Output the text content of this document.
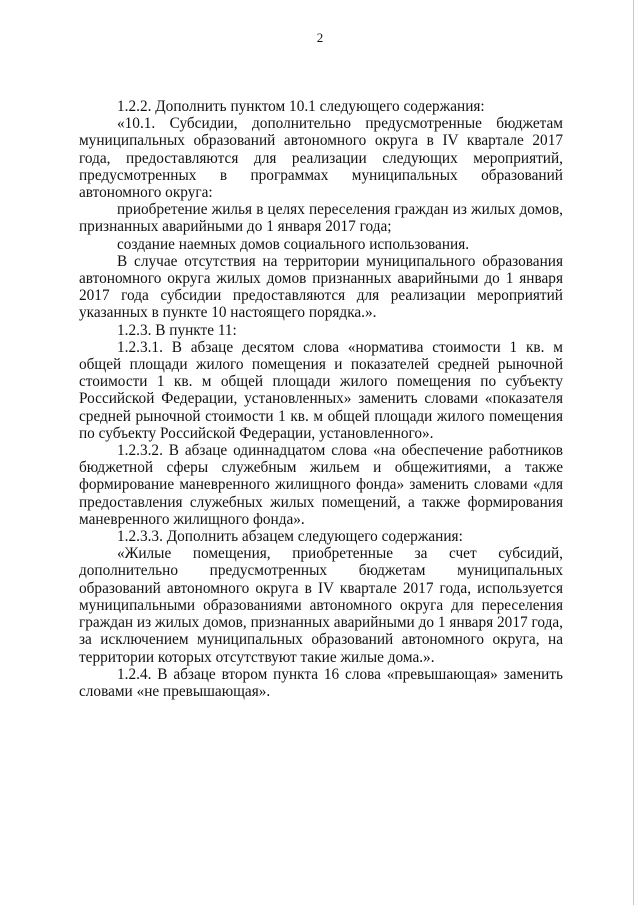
2

1.2.2. Дополнить пунктом 10.1 следующего содержания:

«10.1. Субсидии, дополнительно предусмотренные бюджетам муниципальных образований автономного округа в IV квартале 2017 года, предоставляются для реализации следующих мероприятий, предусмотренных в программах муниципальных образований автономного округа:

приобретение жилья в целях переселения граждан из жилых домов, признанных аварийными до 1 января 2017 года;

создание наемных домов социального использования.

В случае отсутствия на территории муниципального образования автономного округа жилых домов признанных аварийными до 1 января 2017 года субсидии предоставляются для реализации мероприятий указанных в пункте 10 настоящего порядка.».

1.2.3. В пункте 11:

1.2.3.1. В абзаце десятом слова «норматива стоимости 1 кв. м общей площади жилого помещения и показателей средней рыночной стоимости 1 кв. м общей площади жилого помещения по субъекту Российской Федерации, установленных» заменить словами «показателя средней рыночной стоимости 1 кв. м общей площади жилого помещения по субъекту Российской Федерации, установленного».

1.2.3.2. В абзаце одиннадцатом слова «на обеспечение работников бюджетной сферы служебным жильем и общежитиями, а также формирование маневренного жилищного фонда» заменить словами «для предоставления служебных жилых помещений, а также формирования маневренного жилищного фонда».

1.2.3.3. Дополнить абзацем следующего содержания:

«Жилые помещения, приобретенные за счет субсидий, дополнительно предусмотренных бюджетам муниципальных образований автономного округа в IV квартале 2017 года, используется муниципальными образованиями автономного округа для переселения граждан из жилых домов, признанных аварийными до 1 января 2017 года, за исключением муниципальных образований автономного округа, на территории которых отсутствуют такие жилые дома.».

1.2.4. В абзаце втором пункта 16 слова «превышающая» заменить словами «не превышающая».
